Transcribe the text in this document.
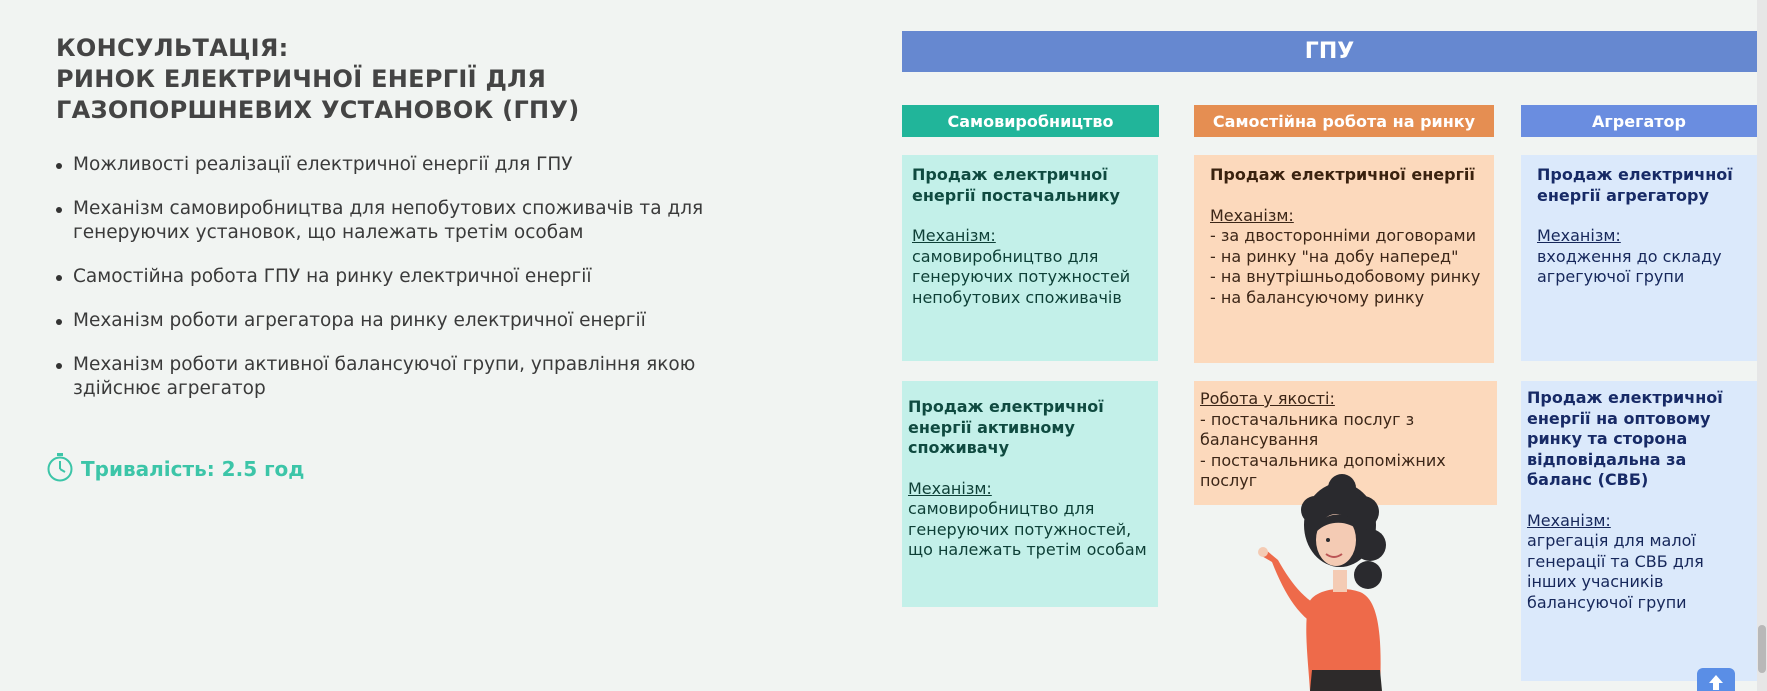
КОНСУЛЬТАЦІЯ:
РИНОК ЕЛЕКТРИЧНОЇ ЕНЕРГІЇ ДЛЯ
ГАЗОПОРШНЕВИХ УСТАНОВОК (ГПУ)
Можливості реалізації електричної енергії для ГПУ
Механізм самовиробництва для непобутових споживачів та для генеруючих установок, що належать третім особам
Самостійна робота ГПУ на ринку електричної енергії
Механізм роботи агрегатора на ринку електричної енергії
Механізм роботи активної балансуючої групи, управління якою здійснює агрегатор
Тривалість: 2.5 год
ГПУ
Самовиробництво	Самостійна робота на ринку	Агрегатор
Продаж електричної енергії постачальнику
Механізм:
самовиробництво для генеруючих потужностей непобутових споживачів
Продаж електричної енергії
Механізм:
- за двосторонніми договорами
- на ринку "на добу наперед"
- на внутрішньодобовому ринку
- на балансуючому ринку
Продаж електричної енергії агрегатору
Механізм:
входження до складу агрегуючої групи
Продаж електричної енергії активному споживачу
Механізм:
самовиробництво для генеруючих потужностей, що належать третім особам
Робота у якості:
- постачальника послуг з балансування
- постачальника допоміжних послуг
Продаж електричної енергії на оптовому ринку та сторона відповідальна за баланс (СВБ)
Механізм:
агрегація для малої генерації та СВБ для інших учасників балансуючої групи
